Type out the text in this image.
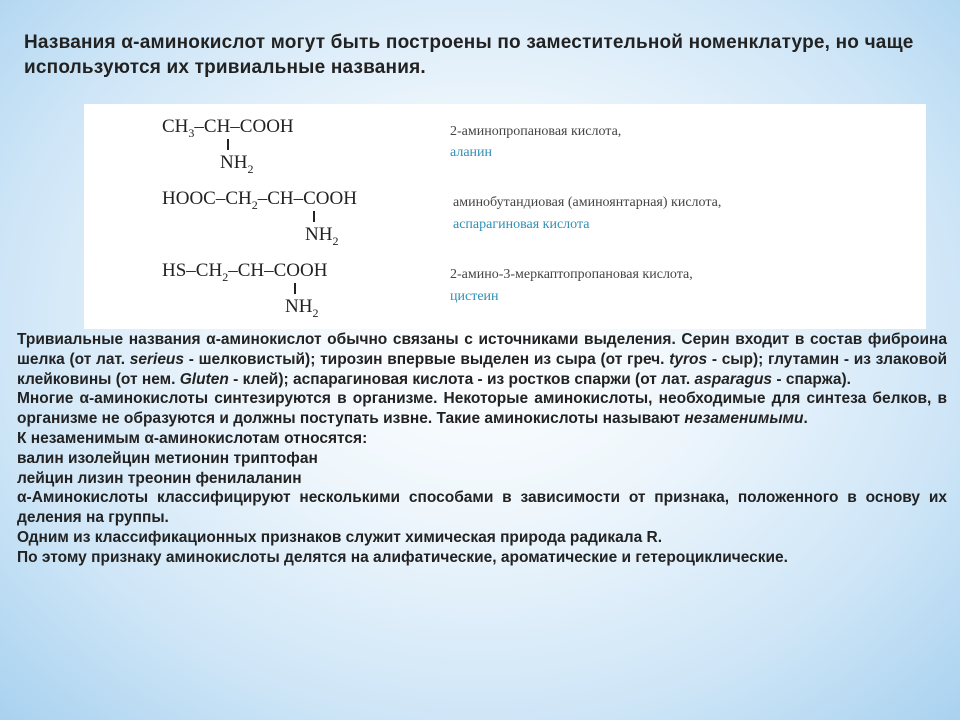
Названия α-аминокислот могут быть построены по заместительной номенклатуре, но чаще используются их тривиальные названия.
$CH_3-CH$–COOH
$NH_2$
2-аминопропановая кислота,
аланин
HOOC–$CH_2-CH$–COOH
$NH_2$
аминобутандиовая (аминоянтарная) кислота,
аспарагиновая кислота
$HS-CH_2-CH$–COOH
$NH_2$
2-амино-3-меркаптопропановая кислота,
цистеин

Тривиальные названия α-аминокислот обычно связаны с источниками выделения. Серин входит в состав фиброина шелка (от лат. serieus - шелковистый); тирозин впервые выделен из сыра (от греч. tyros - сыр); глутамин - из злаковой клейковины (от нем. Gluten - клей); аспарагиновая кислота - из ростков спаржи (от лат. asparagus - спаржа).

Многие α-аминокислоты синтезируются в организме. Некоторые аминокислоты, необходимые для синтеза белков, в организме не образуются и должны поступать извне. Такие аминокислоты называют незаменимыми.

К незаменимым α-аминокислотам относятся:

валин изолейцин метионин триптофан

лейцин лизин треонин фенилаланин

α-Аминокислоты классифицируют несколькими способами в зависимости от признака, положенного в основу их деления на группы.

Одним из классификационных признаков служит химическая природа радикала R.

По этому признаку аминокислоты делятся на алифатические, ароматические и гетероциклические.
